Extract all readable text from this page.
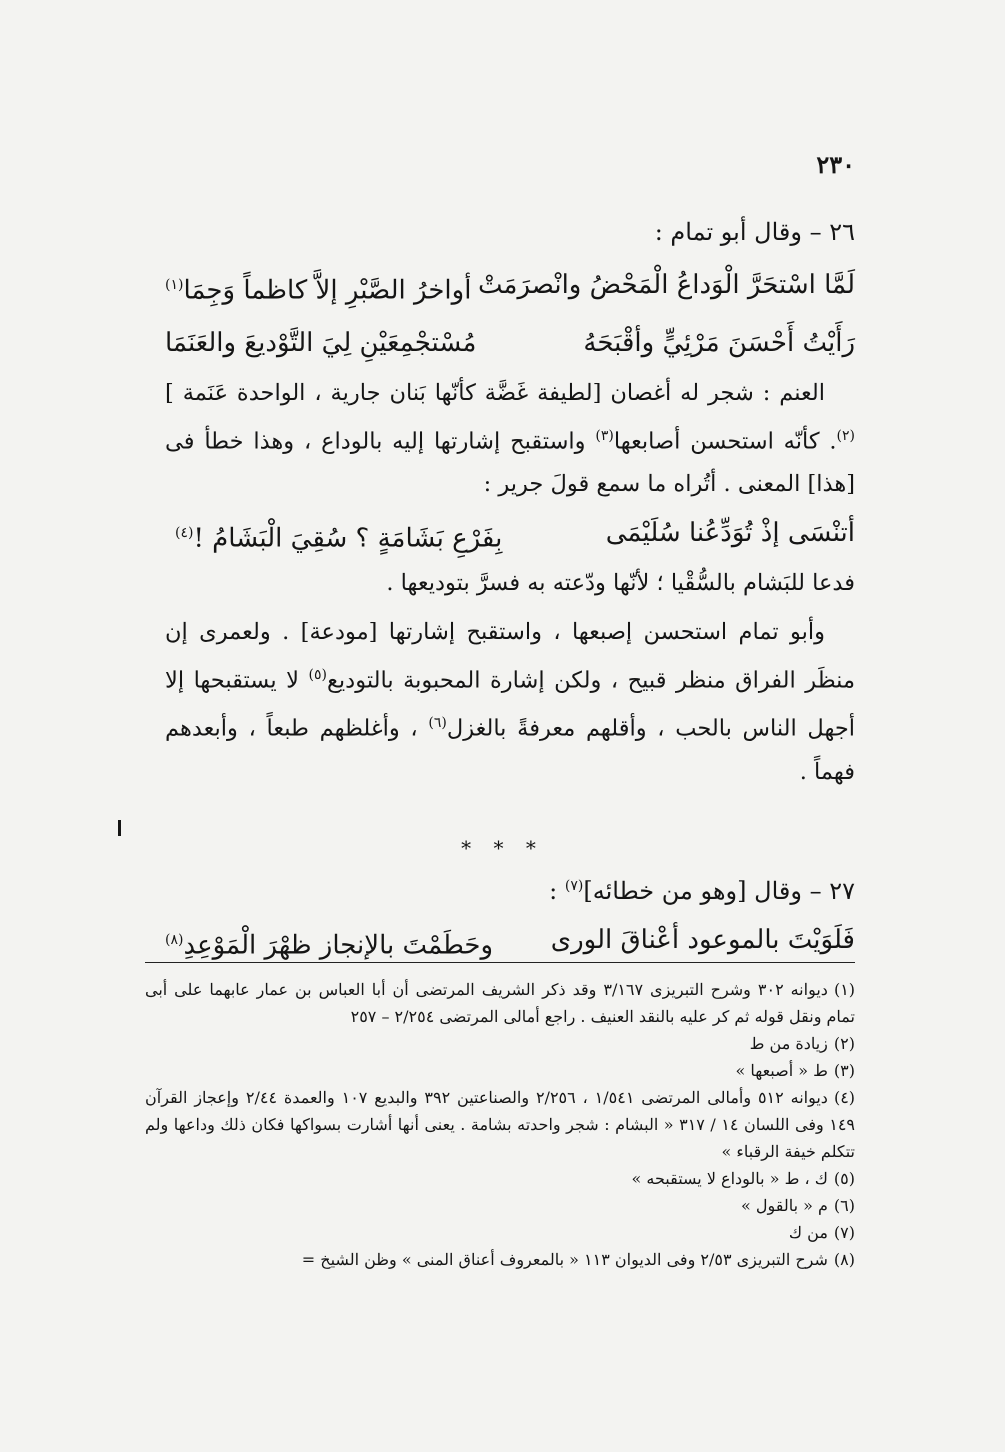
٢٣٠
٢٦ – وقال أبو تمام :
لَمَّا اسْتحَرَّ الْوَداعُ الْمَحْضُ وانْصرَمَتْ
أواخرُ الصَّبْرِ إلاَّ كاظماً وَجِمَا$^{(١)}$
رَأَيْتُ أَحْسَنَ مَرْئِيٍّ وأقْبَحَهُ
مُسْتجْمِعَيْنِ لِيَ التَّوْديعَ والعَنَمَا

العنم : شجر له أغصان [لطيفة غَضَّة كأنّها بَنان جارية ، الواحدة عَنَمة ]$^{(٢)}$. كأنّه استحسن أصابعها$^{(٣)}$ واستقبح إشارتها إليه بالوداع ، وهذا خطأ فى [هذا] المعنى . أتُراه ما سمع قولَ جرير :

أتنْسَى إذْ تُوَدِّعُنا سُلَيْمَى
بِفَرْعِ بَشَامَةٍ ؟ سُقِيَ الْبَشَامُ !$^{(٤)}$

فدعا للبَشام بالسُّقْيا ؛ لأنّها ودّعته به فسرَّ بتوديعها .

وأبو تمام استحسن إصبعها ، واستقبح إشارتها [مودعة] . ولعمرى إن منظَر الفراق منظر قبيح ، ولكن إشارة المحبوبة بالتوديع$^{(٥)}$ لا يستقبحها إلا أجهل الناس بالحب ، وأقلهم معرفةً بالغزل$^{(٦)}$ ، وأغلظهم طبعاً ، وأبعدهم فهماً .

* * *
٢٧ – وقال [وهو من خطائه]$^{(٧)}$ :
فَلَوَيْتَ بالموعود أعْناقَ الورى
وحَطَمْتَ بالإنجاز ظهْرَ الْمَوْعِدِ$^{(٨)}$

(١)ديوانه ٣٠٢ وشرح التبريزى ٣/١٦٧ وقد ذكر الشريف المرتضى أن أبا العباس بن عمار عابهما على أبى تمام ونقل قوله ثم كر عليه بالنقد العنيف . راجع أمالى المرتضى ٢/٢٥٤ – ٢٥٧

(٢)زيادة من ط

(٣)ط « أصبعها »

(٤)ديوانه ٥١٢ وأمالى المرتضى ١/٥٤١ ، ٢/٢٥٦ والصناعتين ٣٩٢ والبديع ١٠٧ والعمدة ٢/٤٤ وإعجاز القرآن ١٤٩ وفى اللسان ١٤ / ٣١٧ « البشام : شجر واحدته بشامة . يعنى أنها أشارت بسواكها فكان ذلك وداعها ولم تتكلم خيفة الرقباء »

(٥)ك ، ط « بالوداع لا يستقبحه »

(٦)م « بالقول »

(٧)من ك

(٨)شرح التبريزى ٢/٥٣ وفى الديوان ١١٣ « بالمعروف أعناق المنى » وظن الشيخ =
